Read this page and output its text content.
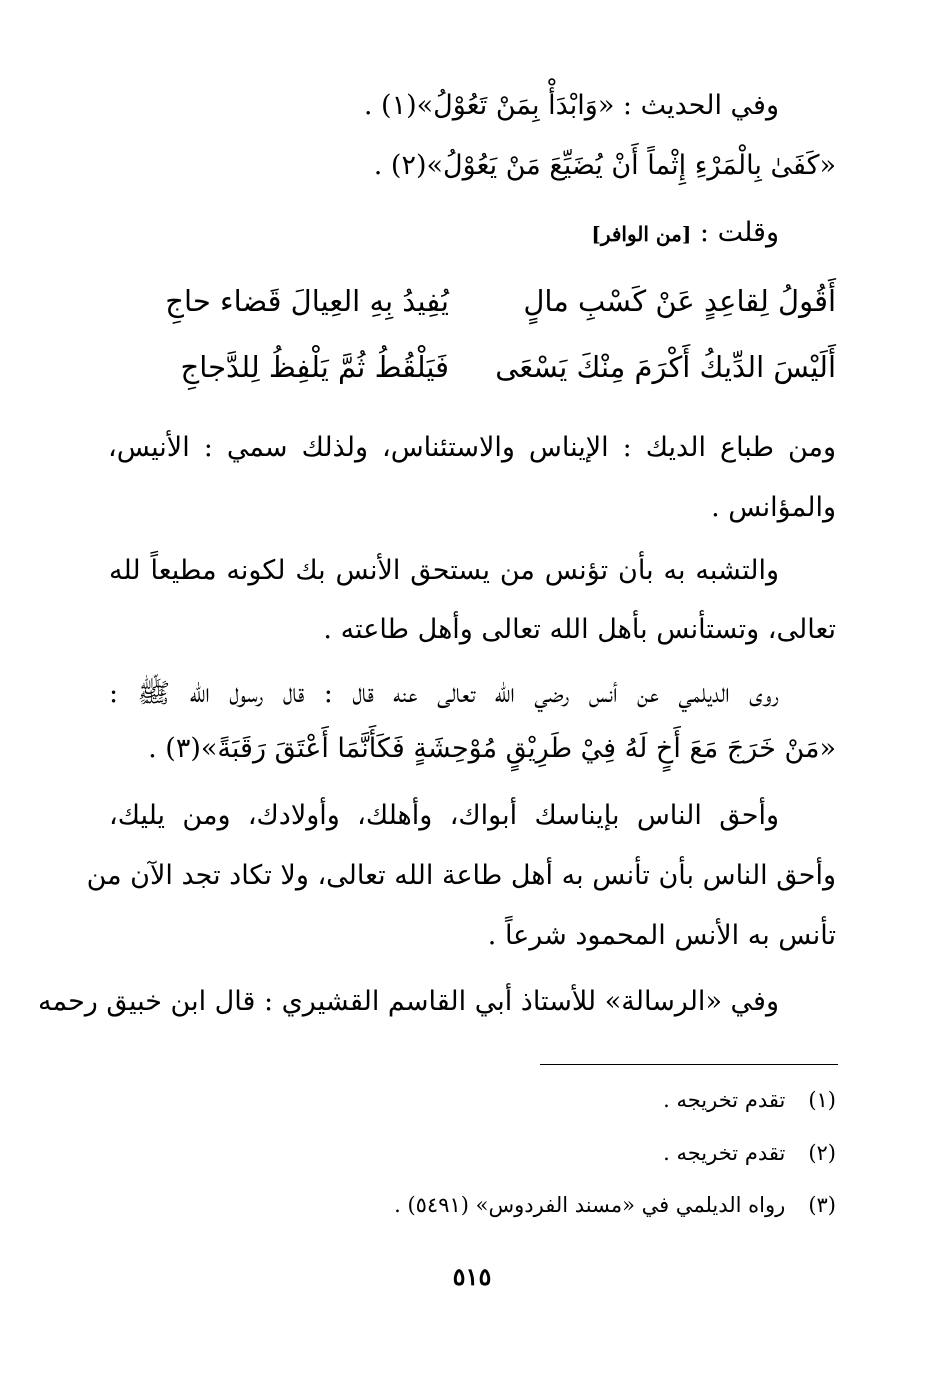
وفي الحديث : «وَابْدَأْ بِمَنْ تَعُوْلُ»(١) .
«كَفَىٰ بِالْمَرْءِ إِثْماً أَنْ يُضَيِّعَ مَنْ يَعُوْلُ»(٢) .
وقلت : [من الوافر]
أَقُولُ لِقاعِدٍ عَنْ كَسْبِ مالٍ
يُفِيدُ بِهِ العِيالَ قَضاء حاجِ
أَلَيْسَ الدِّيكُ أَكْرَمَ مِنْكَ يَسْعَى
فَيَلْقُطُ ثُمَّ يَلْفِظُ لِلدَّجاجِ
ومن طباع الديك : الإيناس والاستئناس، ولذلك سمي : الأنيس،
والمؤانس .
والتشبه به بأن تؤنس من يستحق الأنس بك لكونه مطيعاً لله
تعالى، وتستأنس بأهل الله تعالى وأهل طاعته .
روى الديلمي عن أنس رضي الله تعالى عنه قال : قال رسول الله ﷺ :
«مَنْ خَرَجَ مَعَ أَخٍ لَهُ فِيْ طَرِيْقٍ مُوْحِشَةٍ فَكَأَنَّمَا أَعْتَقَ رَقَبَةً»(٣) .
وأحق الناس بإيناسك أبواك، وأهلك، وأولادك، ومن يليك،
وأحق الناس بأن تأنس به أهل طاعة الله تعالى، ولا تكاد تجد الآن من
تأنس به الأنس المحمود شرعاً .
وفي «الرسالة» للأستاذ أبي القاسم القشيري : قال ابن خبيق رحمه
(١) تقدم تخريجه .
(٢) تقدم تخريجه .
(٣) رواه الديلمي في «مسند الفردوس» (٥٤٩١) .
٥١٥
